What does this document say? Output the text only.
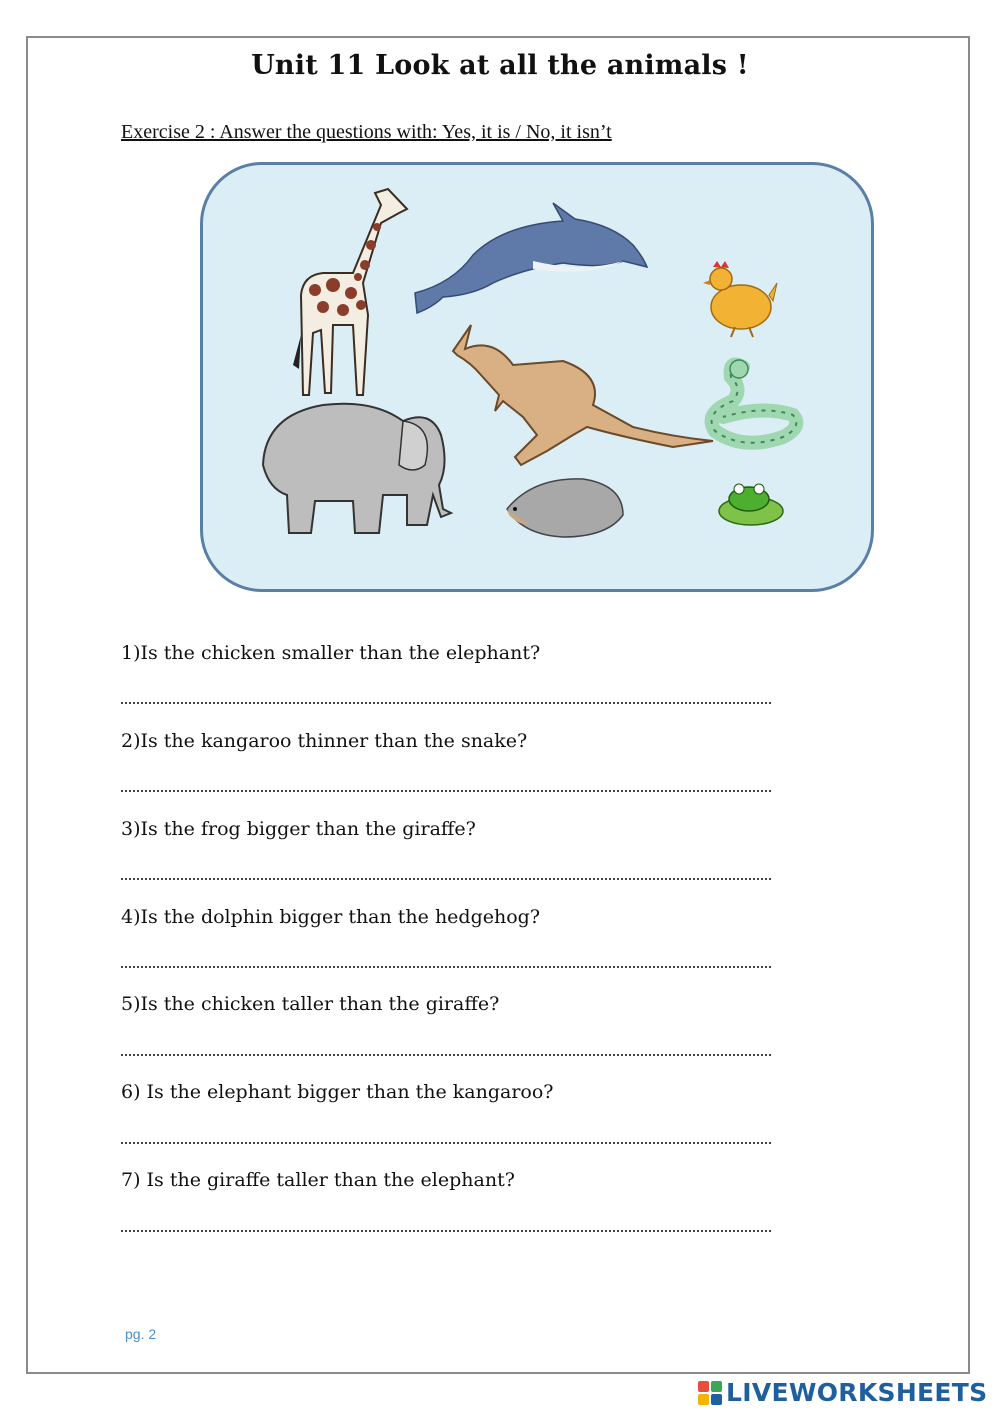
Unit 11 Look at all the animals !
Exercise 2 : Answer the questions with: Yes, it is / No, it isn’t
1)Is the chicken smaller than the elephant?
2)Is the kangaroo thinner than the snake?
3)Is the frog bigger than the giraffe?
4)Is the dolphin bigger than the hedgehog?
5)Is the chicken taller than the giraffe?
6) Is the elephant bigger than the kangaroo?
7) Is the giraffe taller than the elephant?
pg. 2
LIVEWORKSHEETS
